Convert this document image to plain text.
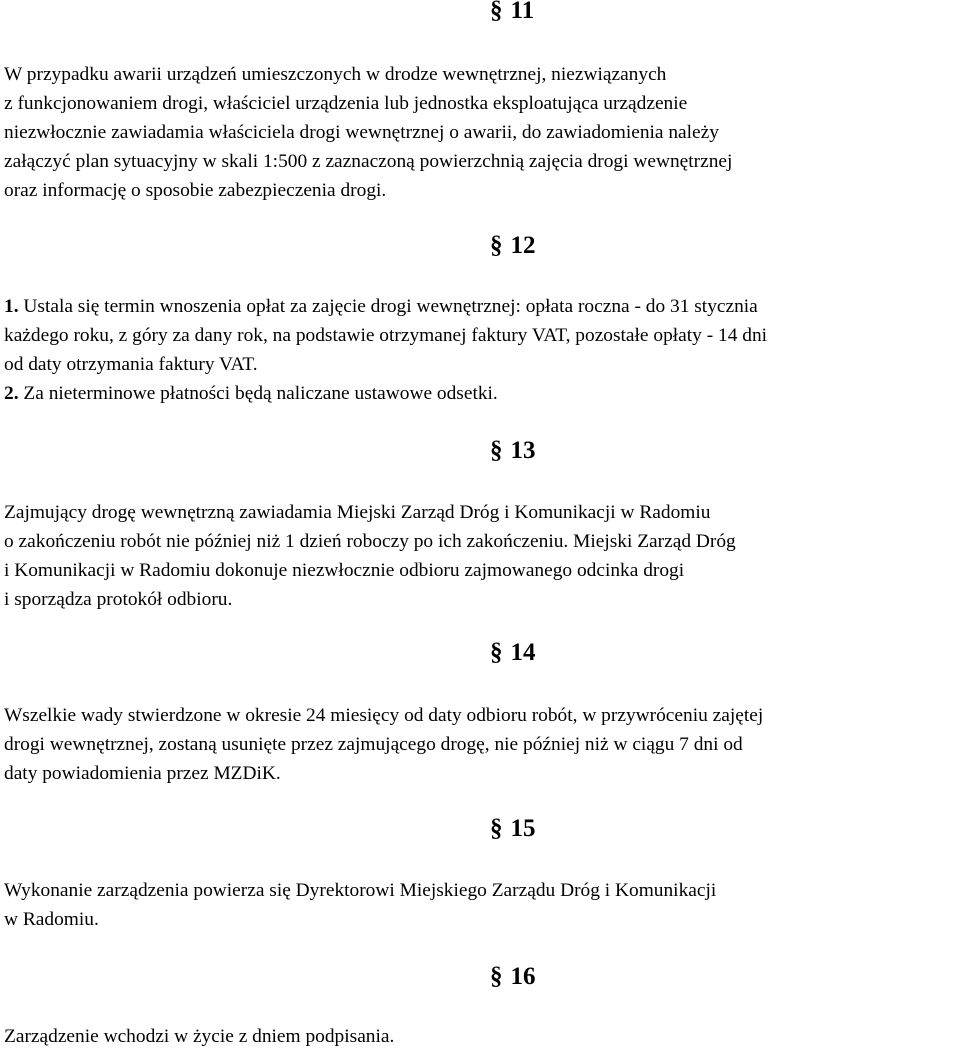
§ 11
W przypadku awarii urządzeń umieszczonych w drodze wewnętrznej, niezwiązanych
z funkcjonowaniem drogi, właściciel urządzenia lub jednostka eksploatująca urządzenie
niezwłocznie zawiadamia właściciela drogi wewnętrznej o awarii, do zawiadomienia należy
załączyć plan sytuacyjny w skali 1:500 z zaznaczoną powierzchnią zajęcia drogi wewnętrznej
oraz informację o sposobie zabezpieczenia drogi.
§ 12
1. Ustala się termin wnoszenia opłat za zajęcie drogi wewnętrznej: opłata roczna - do 31 stycznia
każdego roku, z góry za dany rok, na podstawie otrzymanej faktury VAT, pozostałe opłaty - 14 dni
od daty otrzymania faktury VAT.
2. Za nieterminowe płatności będą naliczane ustawowe odsetki.
§ 13
Zajmujący drogę wewnętrzną zawiadamia Miejski Zarząd Dróg i Komunikacji w Radomiu
o zakończeniu robót nie później niż 1 dzień roboczy po ich zakończeniu. Miejski Zarząd Dróg
i Komunikacji w Radomiu dokonuje niezwłocznie odbioru zajmowanego odcinka drogi
i sporządza protokół odbioru.
§ 14
Wszelkie wady stwierdzone w okresie 24 miesięcy od daty odbioru robót, w przywróceniu zajętej
drogi wewnętrznej, zostaną usunięte przez zajmującego drogę, nie później niż w ciągu 7 dni od
daty powiadomienia przez MZDiK.
§ 15
Wykonanie zarządzenia powierza się Dyrektorowi Miejskiego Zarządu Dróg i Komunikacji
w Radomiu.
§ 16
Zarządzenie wchodzi w życie z dniem podpisania.
